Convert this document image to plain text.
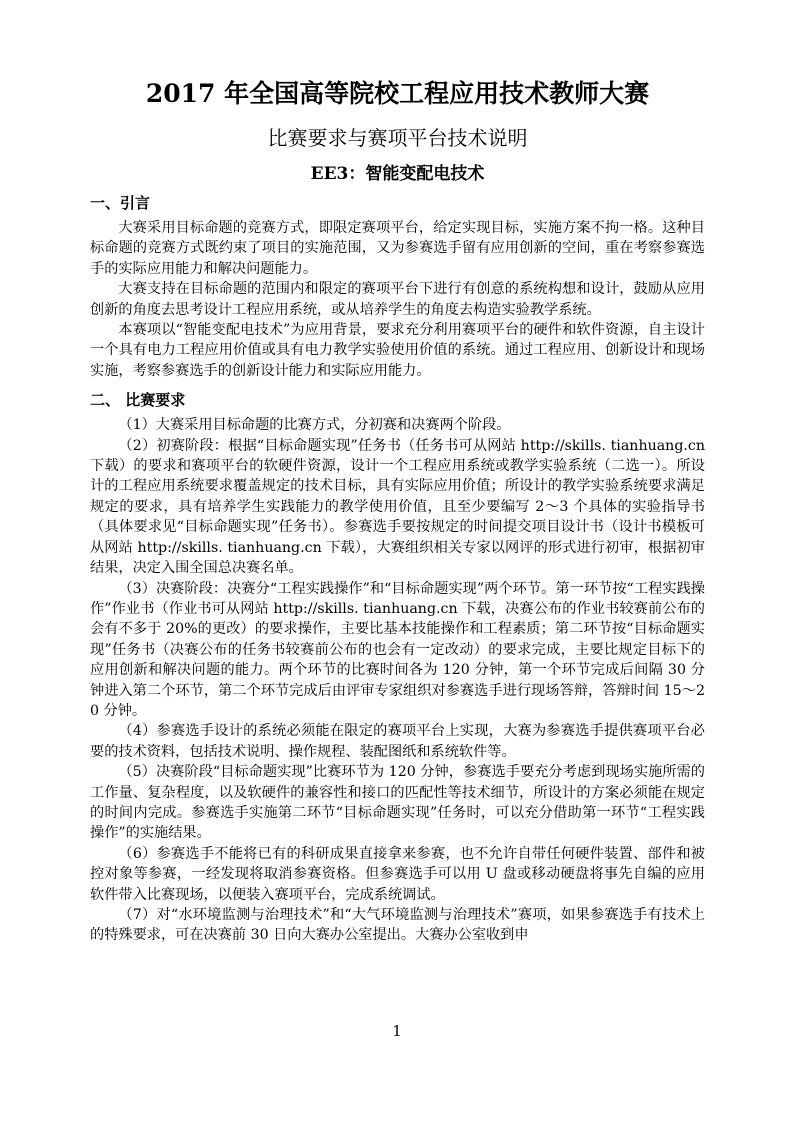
2017 年全国高等院校工程应用技术教师大赛
比赛要求与赛项平台技术说明
EE3：智能变配电技术
一、引言

大赛采用目标命题的竞赛方式，即限定赛项平台，给定实现目标，实施方案不拘一格。这种目标命题的竞赛方式既约束了项目的实施范围，又为参赛选手留有应用创新的空间，重在考察参赛选手的实际应用能力和解决问题能力。

大赛支持在目标命题的范围内和限定的赛项平台下进行有创意的系统构想和设计，鼓励从应用创新的角度去思考设计工程应用系统，或从培养学生的角度去构造实验教学系统。

本赛项以“智能变配电技术”为应用背景，要求充分利用赛项平台的硬件和软件资源，自主设计一个具有电力工程应用价值或具有电力教学实验使用价值的系统。通过工程应用、创新设计和现场实施，考察参赛选手的创新设计能力和实际应用能力。

二、 比赛要求

（1）大赛采用目标命题的比赛方式，分初赛和决赛两个阶段。

（2）初赛阶段：根据“目标命题实现”任务书（任务书可从网站 http://skills. tianhuang.cn 下载）的要求和赛项平台的软硬件资源，设计一个工程应用系统或教学实验系统（二选一）。所设计的工程应用系统要求覆盖规定的技术目标，具有实际应用价值；所设计的教学实验系统要求满足规定的要求，具有培养学生实践能力的教学使用价值，且至少要编写 2～3 个具体的实验指导书（具体要求见“目标命题实现”任务书）。参赛选手要按规定的时间提交项目设计书（设计书模板可从网站 http://skills. tianhuang.cn 下载），大赛组织相关专家以网评的形式进行初审，根据初审结果，决定入围全国总决赛名单。

（3）决赛阶段：决赛分“工程实践操作”和“目标命题实现”两个环节。第一环节按“工程实践操作”作业书（作业书可从网站 http://skills. tianhuang.cn 下载，决赛公布的作业书较赛前公布的会有不多于 20%的更改）的要求操作，主要比基本技能操作和工程素质；第二环节按“目标命题实现”任务书（决赛公布的任务书较赛前公布的也会有一定改动）的要求完成，主要比规定目标下的应用创新和解决问题的能力。两个环节的比赛时间各为 120 分钟，第一个环节完成后间隔 30 分钟进入第二个环节，第二个环节完成后由评审专家组织对参赛选手进行现场答辩，答辩时间 15～20 分钟。

（4）参赛选手设计的系统必须能在限定的赛项平台上实现，大赛为参赛选手提供赛项平台必要的技术资料，包括技术说明、操作规程、装配图纸和系统软件等。

（5）决赛阶段“目标命题实现”比赛环节为 120 分钟，参赛选手要充分考虑到现场实施所需的工作量、复杂程度，以及软硬件的兼容性和接口的匹配性等技术细节，所设计的方案必须能在规定的时间内完成。参赛选手实施第二环节“目标命题实现”任务时，可以充分借助第一环节“工程实践操作”的实施结果。

（6）参赛选手不能将已有的科研成果直接拿来参赛，也不允许自带任何硬件装置、部件和被控对象等参赛，一经发现将取消参赛资格。但参赛选手可以用 U 盘或移动硬盘将事先自编的应用软件带入比赛现场，以便装入赛项平台，完成系统调试。

（7）对“水环境监测与治理技术”和“大气环境监测与治理技术”赛项，如果参赛选手有技术上的特殊要求，可在决赛前 30 日向大赛办公室提出。大赛办公室收到申

1
